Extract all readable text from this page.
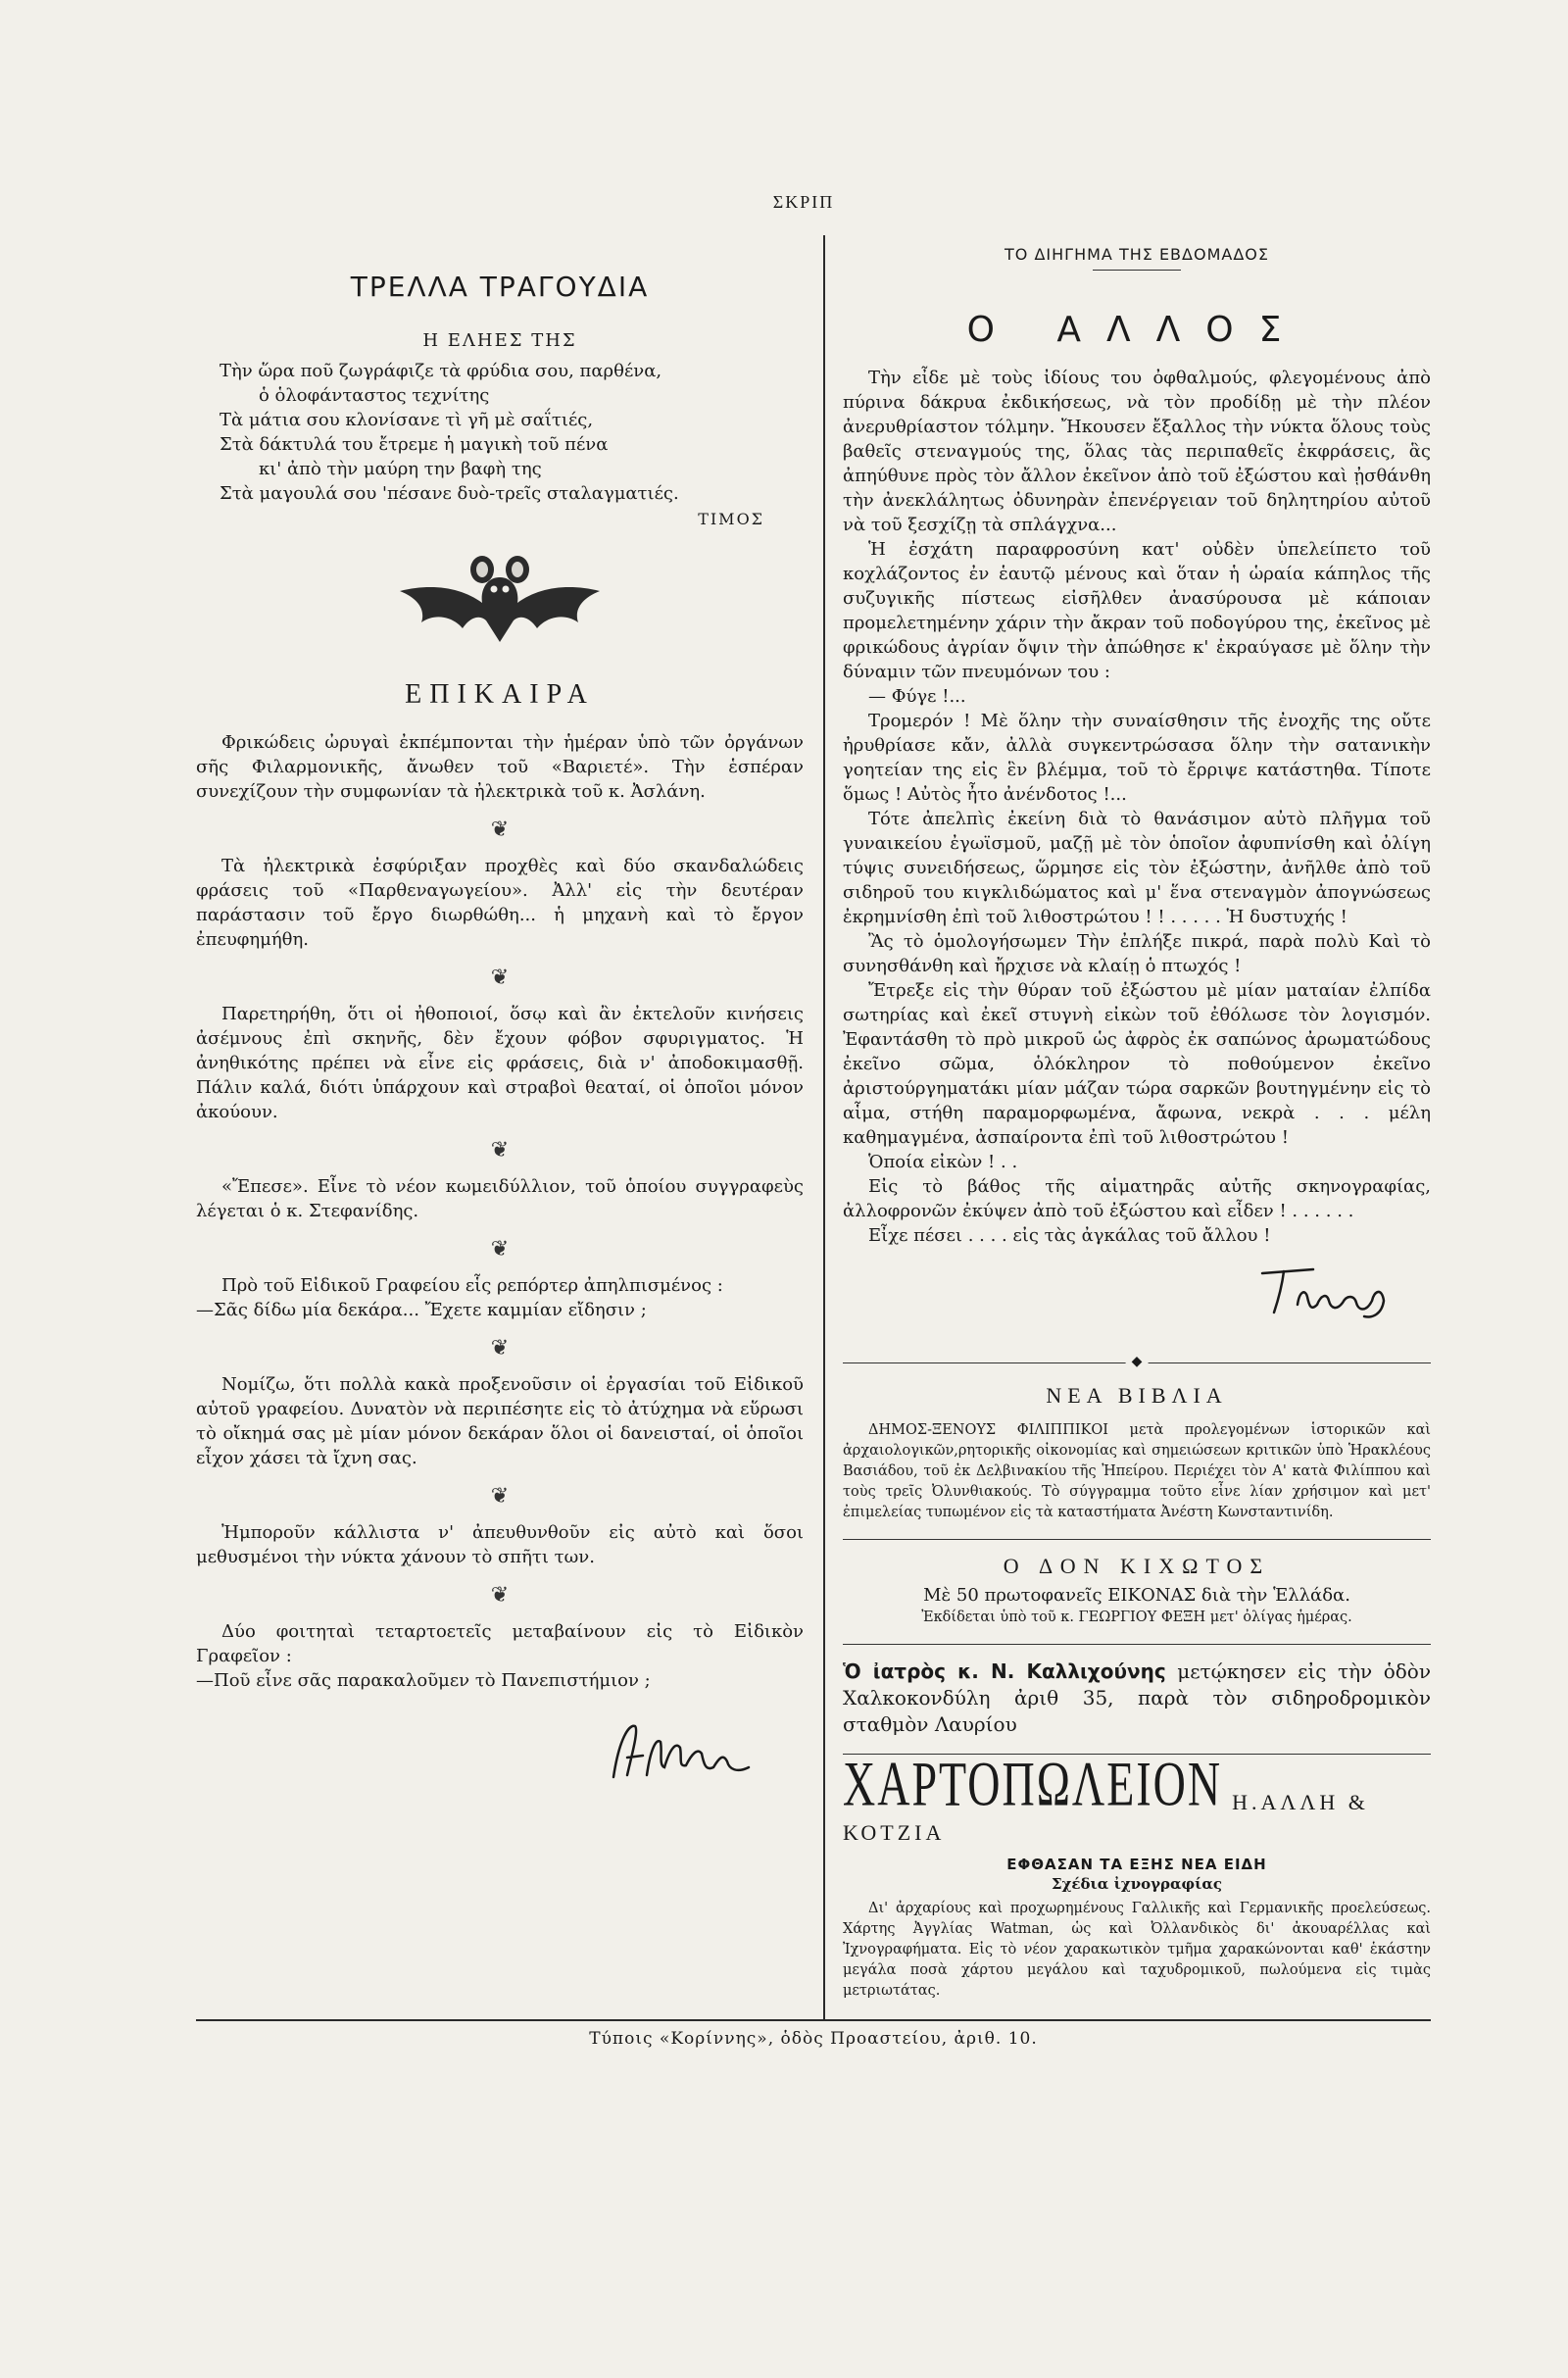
ΣΚΡΙΠ
ΤΡΕΛΛΑ ΤΡΑΓΟΥΔΙΑ
Η ΕΛΗΕΣ ΤΗΣ

Τὴν ὥρα ποῦ ζωγράφιζε τὰ φρύδια σου, παρθένα,

ὁ ὁλοφάνταστος τεχνίτης

Τὰ μάτια σου κλονίσανε τὶ γῆ μὲ σαΐτιές,

Στὰ δάκτυλά του ἔτρεμε ἡ μαγικὴ τοῦ πένα

κι' ἀπὸ τὴν μαύρη την βαφὴ της

Στὰ μαγουλά σου 'πέσανε δυὸ-τρεῖς σταλαγματιές.

ΤΙΜΟΣ
ΕΠΙΚΑΙΡΑ

Φρικώδεις ὠρυγαὶ ἐκπέμπονται τὴν ἡμέραν ὑπὸ τῶν ὀργάνων σῆς Φιλαρμονικῆς, ἄνωθεν τοῦ «Βαριετέ». Τὴν ἑσπέραν συνεχίζουν τὴν συμφωνίαν τὰ ἠλεκτρικὰ τοῦ κ. Ἀσλάνη.

❦

Τὰ ἠλεκτρικὰ ἐσφύριξαν προχθὲς καὶ δύο σκανδαλώδεις φράσεις τοῦ «Παρθεναγωγείου». Ἀλλ' εἰς τὴν δευτέραν παράστασιν τοῦ ἔργο διωρθώθη... ἡ μηχανὴ καὶ τὸ ἔργον ἐπευφημήθη.

❦

Παρετηρήθη, ὅτι οἱ ἠθοποιοί, ὅσῳ καὶ ἂν ἐκτελοῦν κινήσεις ἀσέμνους ἐπὶ σκηνῆς, δὲν ἔχουν φόβον σφυριγματος. Ἡ ἀνηθικότης πρέπει νὰ εἶνε εἰς φράσεις, διὰ ν' ἀποδοκιμασθῇ. Πάλιν καλά, διότι ὑπάρχουν καὶ στραβοὶ θεαταί, οἱ ὁποῖοι μόνον ἀκούουν.

❦

«Ἔπεσε». Εἶνε τὸ νέον κωμειδύλλιον, τοῦ ὁποίου συγγραφεὺς λέγεται ὁ κ. Στεφανίδης.

❦

Πρὸ τοῦ Εἰδικοῦ Γραφείου εἷς ρεπόρτερ ἀπηλπισμένος :
—Σᾶς δίδω μία δεκάρα... Ἔχετε καμμίαν εἴδησιν ;

❦

Νομίζω, ὅτι πολλὰ κακὰ προξενοῦσιν οἱ ἐργασίαι τοῦ Εἰδικοῦ αὐτοῦ γραφείου. Δυνατὸν νὰ περιπέσητε εἰς τὸ ἀτύχημα νὰ εὕρωσι τὸ οἴκημά σας μὲ μίαν μόνον δεκάραν ὅλοι οἱ δανεισταί, οἱ ὁποῖοι εἶχον χάσει τὰ ἴχνη σας.

❦

Ἠμποροῦν κάλλιστα ν' ἀπευθυνθοῦν εἰς αὐτὸ καὶ ὅσοι μεθυσμένοι τὴν νύκτα χάνουν τὸ σπῆτι των.

❦

Δύο φοιτηταὶ τεταρτοετεῖς μεταβαίνουν εἰς τὸ Εἰδικὸν Γραφεῖον :
—Ποῦ εἶνε σᾶς παρακαλοῦμεν τὸ Πανεπιστήμιον ;

ΤΟ ΔΙΗΓΗΜΑ ΤΗΣ ΕΒΔΟΜΑΔΟΣ
Ο ΑΛΛΟΣ

Τὴν εἶδε μὲ τοὺς ἰδίους του ὀφθαλμούς, φλεγομένους ἀπὸ πύρινα δάκρυα ἐκδικήσεως, νὰ τὸν προδίδῃ μὲ τὴν πλέον ἀνερυθρίαστον τόλμην. Ἤκουσεν ἔξαλλος τὴν νύκτα ὅλους τοὺς βαθεῖς στεναγμούς της, ὅλας τὰς περιπαθεῖς ἐκφράσεις, ἃς ἀπηύθυνε πρὸς τὸν ἄλλον ἐκεῖνον ἀπὸ τοῦ ἐξώστου καὶ ᾐσθάνθη τὴν ἀνεκλάλητως ὀδυνηρὰν ἐπενέργειαν τοῦ δηλητηρίου αὐτοῦ νὰ τοῦ ξεσχίζῃ τὰ σπλάγχνα...

Ἡ ἐσχάτη παραφροσύνη κατ' οὐδὲν ὑπελείπετο τοῦ κοχλάζοντος ἐν ἑαυτῷ μένους καὶ ὅταν ἡ ὡραία κάπηλος τῆς συζυγικῆς πίστεως εἰσῆλθεν ἀνασύρουσα μὲ κάποιαν προμελετημένην χάριν τὴν ἄκραν τοῦ ποδογύρου της, ἐκεῖνος μὲ φρικώδους ἀγρίαν ὄψιν τὴν ἀπώθησε κ' ἐκραύγασε μὲ ὅλην τὴν δύναμιν τῶν πνευμόνων του :

— Φύγε !...

Τρομερόν ! Μὲ ὅλην τὴν συναίσθησιν τῆς ἐνοχῆς της οὔτε ἠρυθρίασε κἄν, ἀλλὰ συγκεντρώσασα ὅλην τὴν σατανικὴν γοητείαν της εἰς ἓν βλέμμα, τοῦ τὸ ἔρριψε κατάστηθα. Τίποτε ὅμως ! Αὐτὸς ἦτο ἀνένδοτος !...

Τότε ἀπελπὶς ἐκείνη διὰ τὸ θανάσιμον αὐτὸ πλῆγμα τοῦ γυναικείου ἐγωϊσμοῦ, μαζῇ μὲ τὸν ὁποῖον ἀφυπνίσθη καὶ ὀλίγη τύψις συνειδήσεως, ὥρμησε εἰς τὸν ἐξώστην, ἀνῆλθε ἀπὸ τοῦ σιδηροῦ του κιγκλιδώματος καὶ μ' ἕνα στεναγμὸν ἀπογνώσεως ἐκρημνίσθη ἐπὶ τοῦ λιθοστρώτου ! ! . . . . . Ἡ δυστυχής !

Ἂς τὸ ὁμολογήσωμεν Τὴν ἐπλήξε πικρά, παρὰ πολὺ Καὶ τὸ συνησθάνθη καὶ ἤρχισε νὰ κλαίῃ ὁ πτωχός !

Ἔτρεξε εἰς τὴν θύραν τοῦ ἐξώστου μὲ μίαν ματαίαν ἐλπίδα σωτηρίας καὶ ἐκεῖ στυγνὴ εἰκὼν τοῦ ἐθόλωσε τὸν λογισμόν. Ἐφαντάσθη τὸ πρὸ μικροῦ ὡς ἀφρὸς ἐκ σαπώνος ἀρωματώδους ἐκεῖνο σῶμα, ὁλόκληρον τὸ ποθούμενον ἐκεῖνο ἀριστούργηματάκι μίαν μάζαν τώρα σαρκῶν βουτηγμένην εἰς τὸ αἷμα, στήθη παραμορφωμένα, ἄφωνα, νεκρὰ . . . μέλη καθημαγμένα, ἀσπαίροντα ἐπὶ τοῦ λιθοστρώτου !

Ὁποία εἰκὼν ! . .

Εἰς τὸ βάθος τῆς αἱματηρᾶς αὐτῆς σκηνογραφίας, ἀλλοφρονῶν ἐκύψεν ἀπὸ τοῦ ἐξώστου καὶ εἶδεν ! . . . . . .

Εἶχε πέσει . . . . εἰς τὰς ἀγκάλας τοῦ ἄλλου !

◆
ΝΕΑ ΒΙΒΛΙΑ

ΔΗΜΟΣ-ΞΕΝΟΥΣ ΦΙΛΙΠΠΙΚΟΙ μετὰ προλεγομένων ἱστορικῶν καὶ ἀρχαιολογικῶν,ρητορικῆς οἰκονομίας καὶ σημειώσεων κριτικῶν ὑπὸ Ἡρακλέους Βασιάδου, τοῦ ἐκ Δελβινακίου τῆς Ἠπείρου. Περιέχει τὸν Α' κατὰ Φιλίππου καὶ τοὺς τρεῖς Ὀλυνθιακούς. Τὸ σύγγραμμα τοῦτο εἶνε λίαν χρήσιμον καὶ μετ' ἐπιμελείας τυπωμένον εἰς τὰ καταστήματα Ἀνέστη Κωνσταντινίδη.

Ο ΔΟΝ ΚΙΧΩΤΟΣ

Μὲ 50 πρωτοφανεῖς ΕΙΚΟΝΑΣ διὰ τὴν Ἑλλάδα.

Ἐκδίδεται ὑπὸ τοῦ κ. ΓΕΩΡΓΙΟΥ ΦΕΞΗ μετ' ὀλίγας ἡμέρας.

Ὁ ἰατρὸς κ. Ν. Καλλιχούνης μετῴκησεν εἰς τὴν ὁδὸν Χαλκοκονδύλη ἀριθ 35, παρὰ τὸν σιδηροδρομικὸν σταθμὸν Λαυρίου

ΧΑΡΤΟΠΩΛΕΙΟΝ Η.ΑΛΛΗ & ΚΟΤΖΙΑ
ΕΦΘΑΣΑΝ ΤΑ ΕΞΗΣ ΝΕΑ ΕΙΔΗ
Σχέδια ἰχνογραφίας

Δι' ἀρχαρίους καὶ προχωρημένους Γαλλικῆς καὶ Γερμανικῆς προελεύσεως. Χάρτης Ἀγγλίας Watman, ὡς καὶ Ὀλλανδικὸς δι' ἀκουαρέλλας καὶ Ἰχνογραφήματα. Εἰς τὸ νέον χαρακωτικὸν τμῆμα χαρακώνονται καθ' ἑκάστην μεγάλα ποσὰ χάρτου μεγάλου καὶ ταχυδρομικοῦ, πωλούμενα εἰς τιμὰς μετριωτάτας.

Τύποις «Κορίννης», ὁδὸς Προαστείου, ἀριθ. 10.
